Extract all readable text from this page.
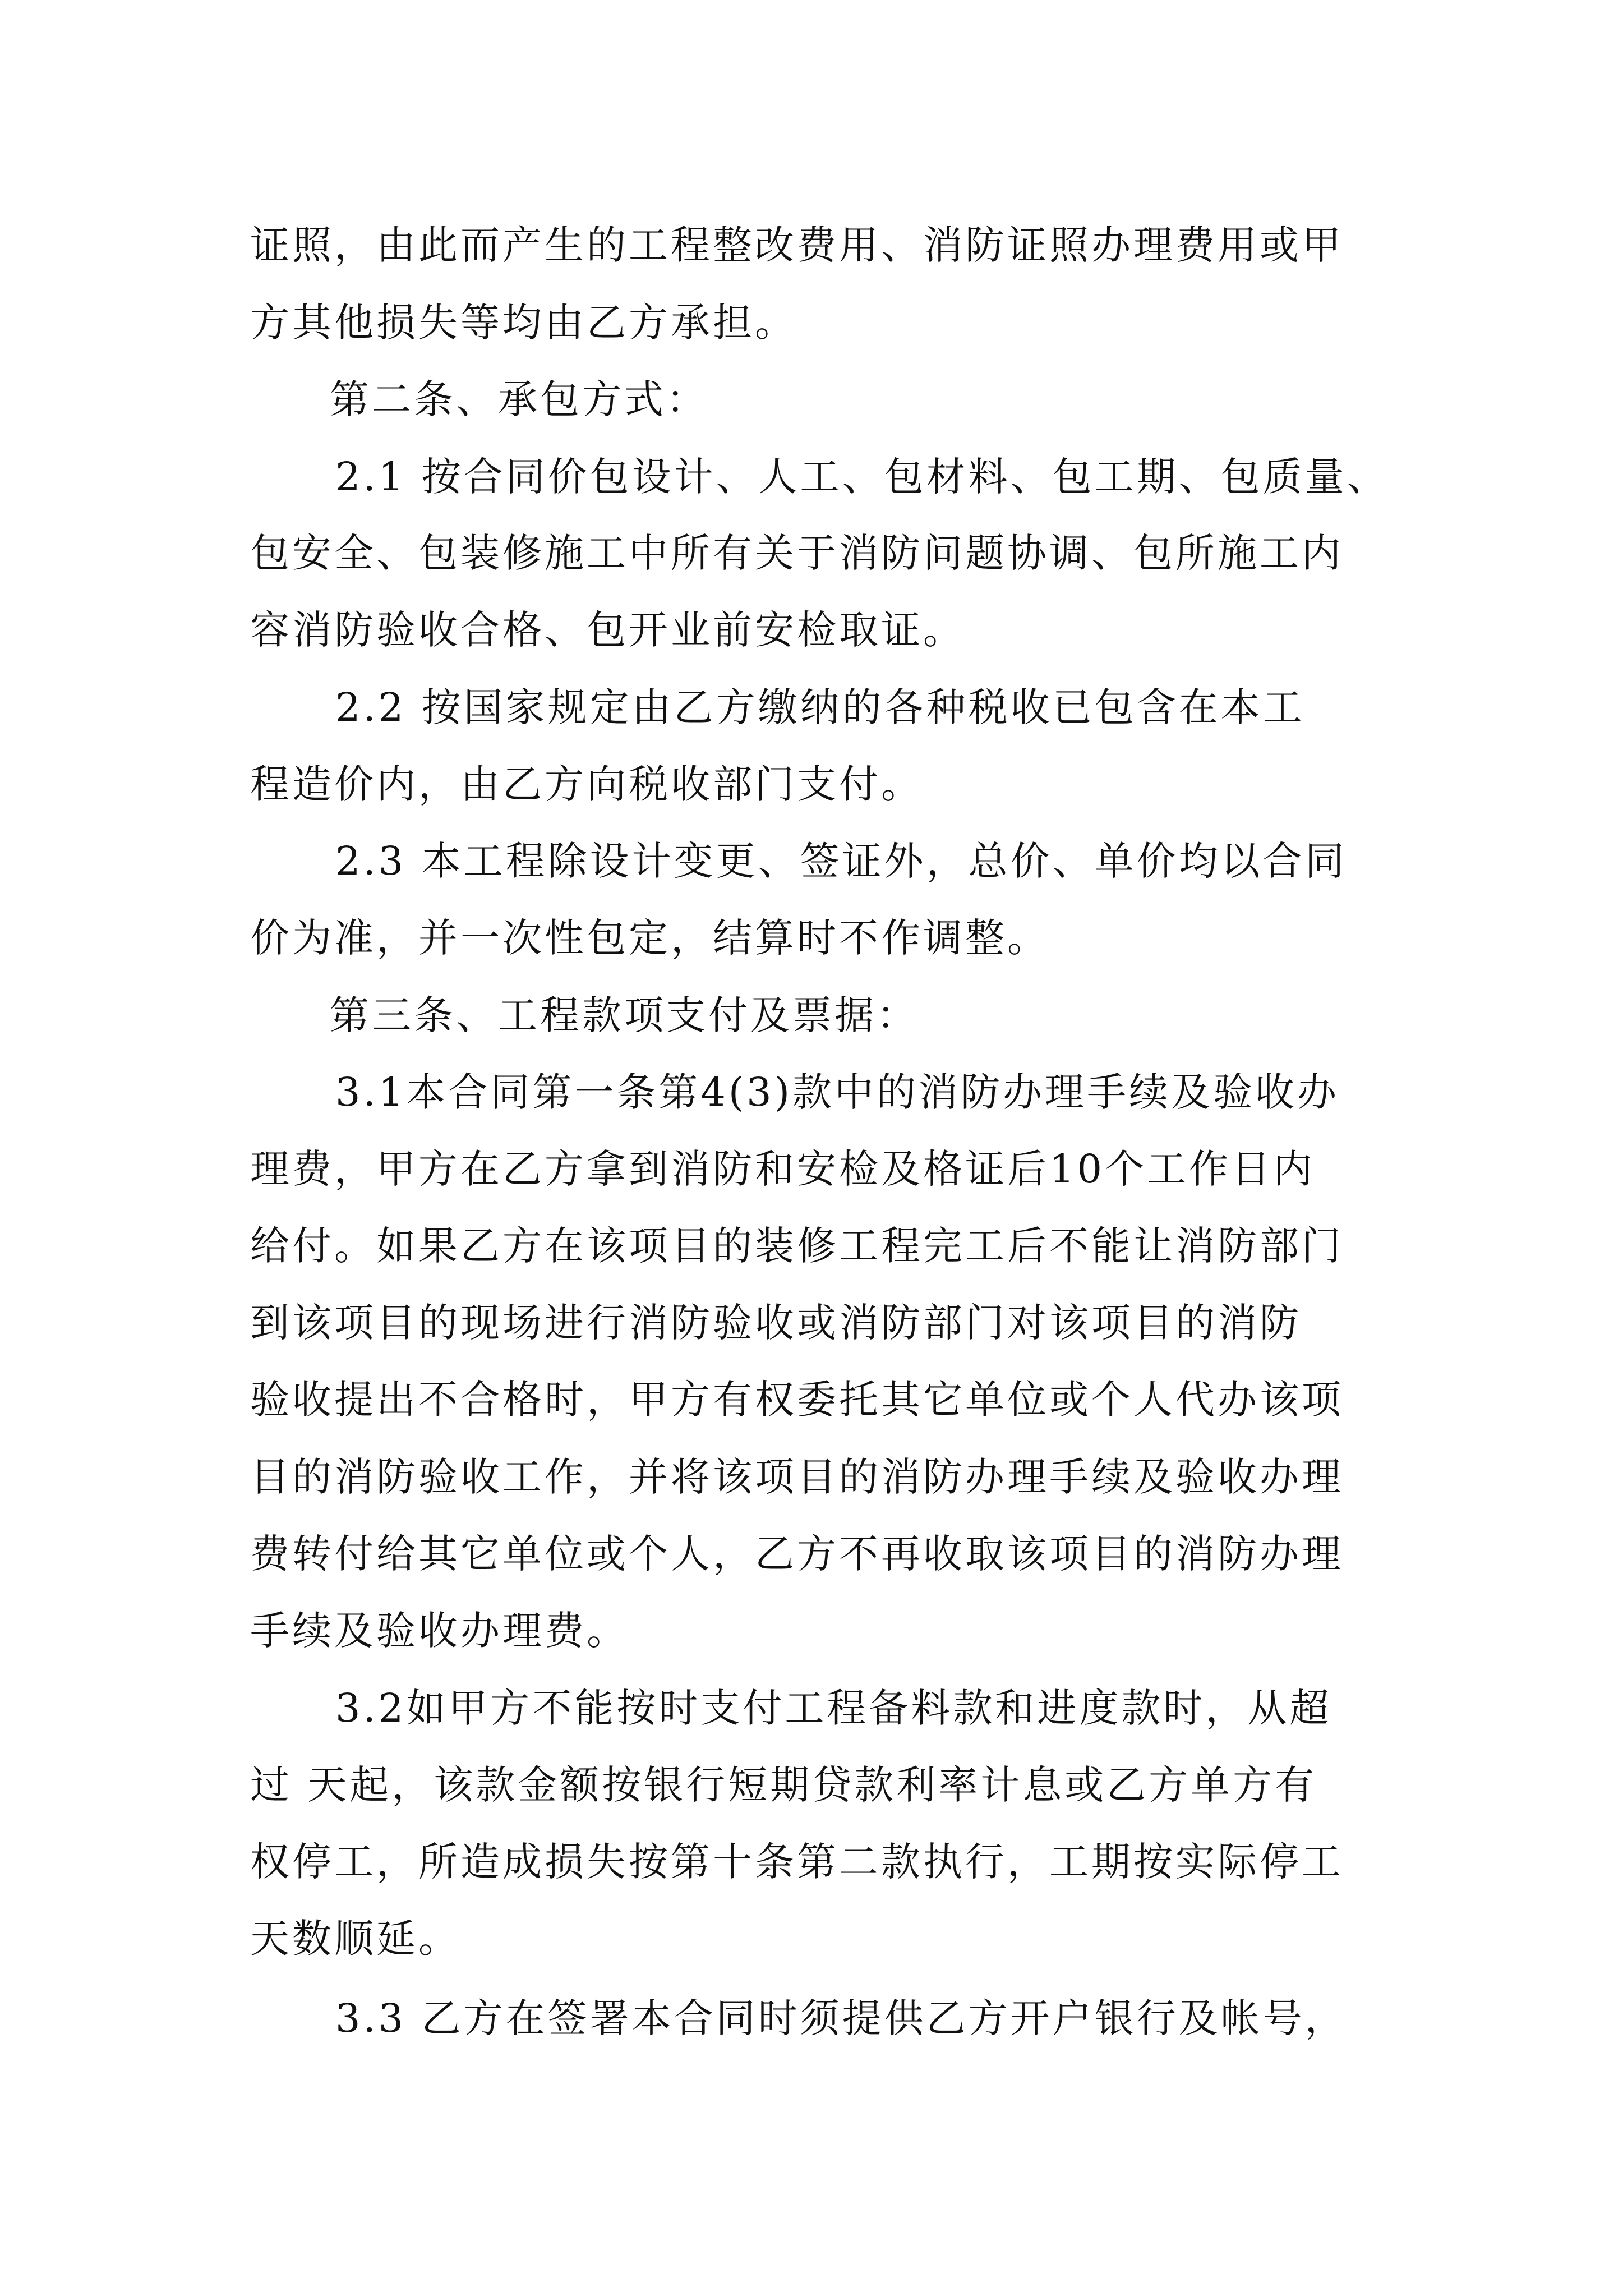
证照，由此而产生的工程整改费用、消防证照办理费用或甲
方其他损失等均由乙方承担。
第二条、承包方式：
2.1 按合同价包设计、人工、包材料、包工期、包质量、
包安全、包装修施工中所有关于消防问题协调、包所施工内
容消防验收合格、包开业前安检取证。
2.2 按国家规定由乙方缴纳的各种税收已包含在本工
程造价内，由乙方向税收部门支付。
2.3 本工程除设计变更、签证外，总价、单价均以合同
价为准，并一次性包定，结算时不作调整。
第三条、工程款项支付及票据：
3.1本合同第一条第4(3)款中的消防办理手续及验收办
理费，甲方在乙方拿到消防和安检及格证后10个工作日内
给付。如果乙方在该项目的装修工程完工后不能让消防部门
到该项目的现场进行消防验收或消防部门对该项目的消防
验收提出不合格时，甲方有权委托其它单位或个人代办该项
目的消防验收工作，并将该项目的消防办理手续及验收办理
费转付给其它单位或个人，乙方不再收取该项目的消防办理
手续及验收办理费。
3.2如甲方不能按时支付工程备料款和进度款时，从超
过 天起，该款金额按银行短期贷款利率计息或乙方单方有
权停工，所造成损失按第十条第二款执行，工期按实际停工
天数顺延。
3.3 乙方在签署本合同时须提供乙方开户银行及帐号，
